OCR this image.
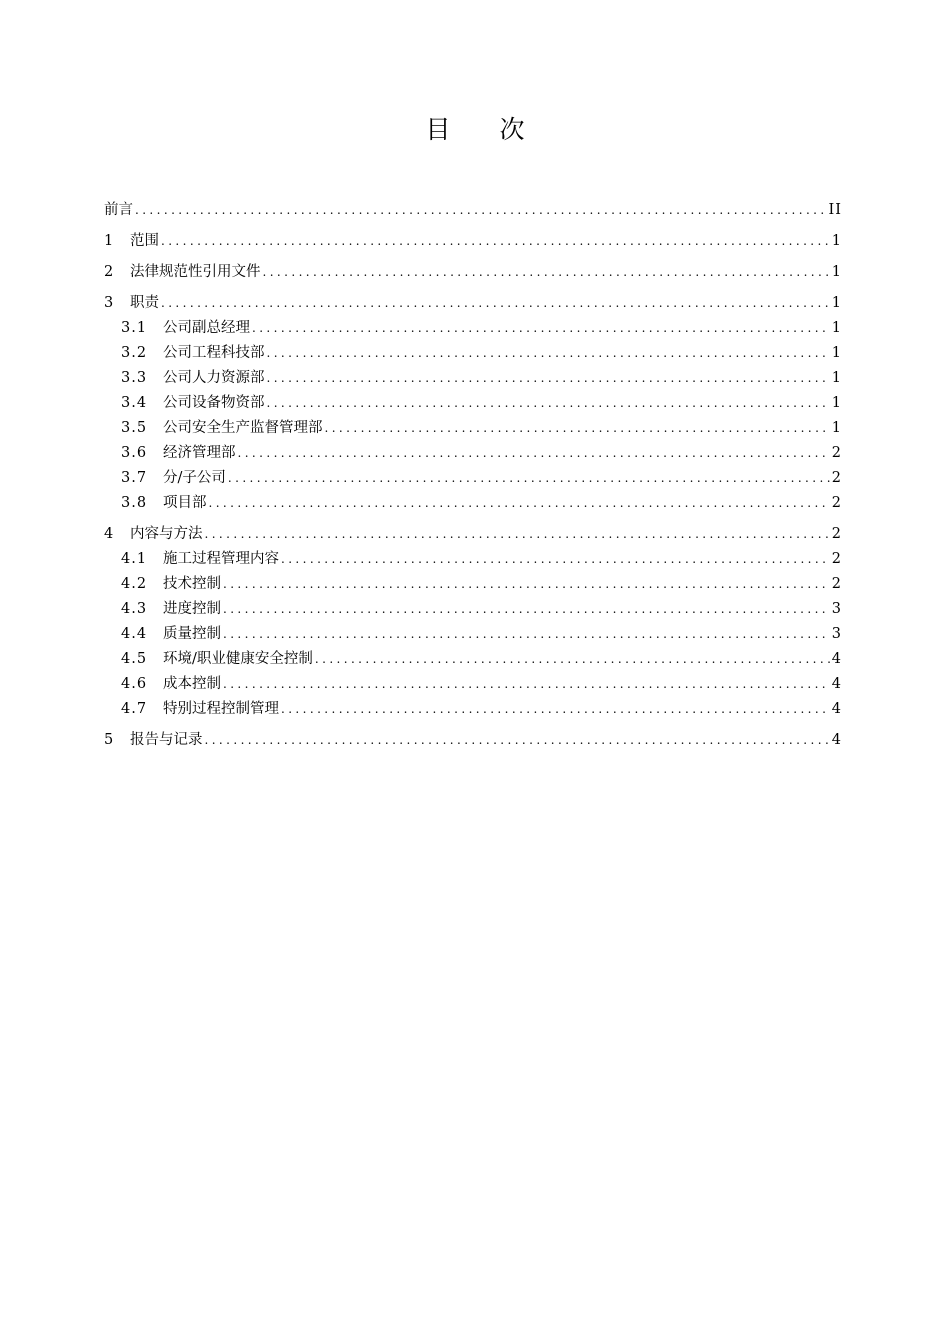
目 次
前言 .....	II
1	范围 .....	1
2	法律规范性引用文件 .....	1
3	职责 .....	1
3.1	公司副总经理 .....	1
3.2	公司工程科技部 .....	1
3.3	公司人力资源部 .....	1
3.4	公司设备物资部 .....	1
3.5	公司安全生产监督管理部 .....	1
3.6	经济管理部 .....	2
3.7	分/子公司 .....	2
3.8	项目部 .....	2
4	内容与方法 .....	2
4.1	施工过程管理内容 .....	2
4.2	技术控制 .....	2
4.3	进度控制 .....	3
4.4	质量控制 .....	3
4.5	环境/职业健康安全控制 .....	4
4.6	成本控制 .....	4
4.7	特别过程控制管理 .....	4
5	报告与记录 .....	4
